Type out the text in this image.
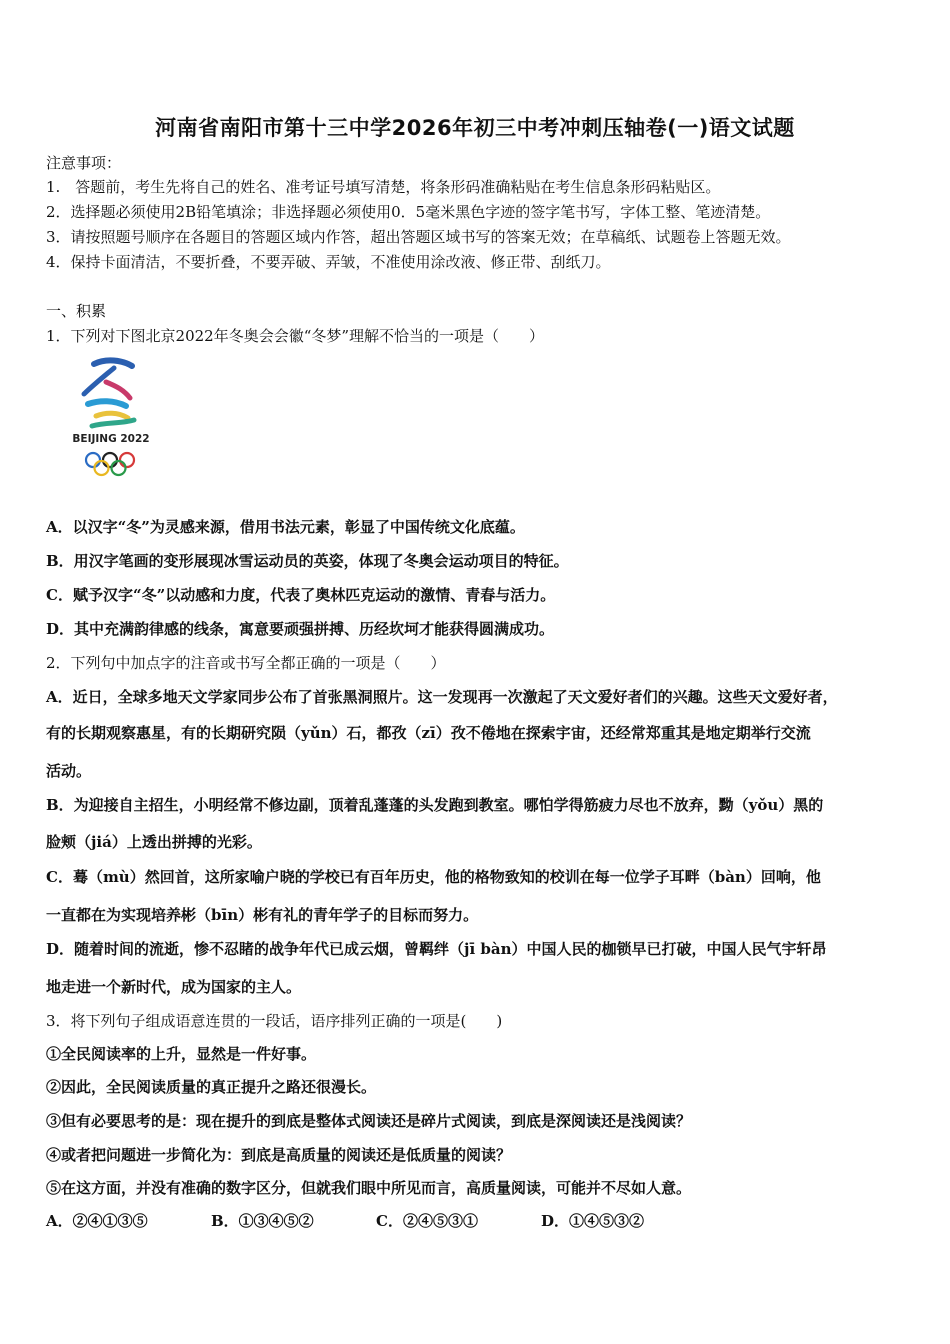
河南省南阳市第十三中学2026年初三中考冲刺压轴卷(一)语文试题
注意事项：
1.　答题前，考生先将自己的姓名、准考证号填写清楚，将条形码准确粘贴在考生信息条形码粘贴区。
2．选择题必须使用2B铅笔填涂；非选择题必须使用0．5毫米黑色字迹的签字笔书写，字体工整、笔迹清楚。
3．请按照题号顺序在各题目的答题区域内作答，超出答题区域书写的答案无效；在草稿纸、试题卷上答题无效。
4．保持卡面清洁，不要折叠，不要弄破、弄皱，不准使用涂改液、修正带、刮纸刀。
一、积累
1．下列对下图北京2022年冬奥会会徽“冬梦”理解不恰当的一项是（　　）
BEIJING 2022
A．以汉字“冬”为灵感来源，借用书法元素，彰显了中国传统文化底蕴。
B．用汉字笔画的变形展现冰雪运动员的英姿，体现了冬奥会运动项目的特征。
C．赋予汉字“冬”以动感和力度，代表了奥林匹克运动的激情、青春与活力。
D．其中充满韵律感的线条，寓意要顽强拼搏、历经坎坷才能获得圆满成功。
2．下列句中加点字的注音或书写全都正确的一项是（　　）
A．近日，全球多地天文学家同步公布了首张黑洞照片。这一发现再一次激起了天文爱好者们的兴趣。这些天文爱好者，
有的长期观察惠星，有的长期研究陨（yǔn）石，都孜（zī）孜不倦地在探索宇宙，还经常郑重其是地定期举行交流
活动。
B．为迎接自主招生，小明经常不修边副，顶着乱蓬蓬的头发跑到教室。哪怕学得筋疲力尽也不放弃，黝（yǒu）黑的
脸颊（jiá）上透出拼搏的光彩。
C．蓦（mù）然回首，这所家喻户晓的学校已有百年历史，他的格物致知的校训在每一位学子耳畔（bàn）回响，他
一直都在为实现培养彬（bīn）彬有礼的青年学子的目标而努力。
D．随着时间的流逝，惨不忍睹的战争年代已成云烟，曾羁绊（jī bàn）中国人民的枷锁早已打破，中国人民气宇轩昂
地走进一个新时代，成为国家的主人。
3．将下列句子组成语意连贯的一段话，语序排列正确的一项是(　　)
①全民阅读率的上升，显然是一件好事。
②因此，全民阅读质量的真正提升之路还很漫长。
③但有必要思考的是：现在提升的到底是整体式阅读还是碎片式阅读，到底是深阅读还是浅阅读？
④或者把问题进一步简化为：到底是高质量的阅读还是低质量的阅读？
⑤在这方面，并没有准确的数字区分，但就我们眼中所见而言，高质量阅读，可能并不尽如人意。
A．②④①③⑤	B．①③④⑤②	C．②④⑤③①	D．①④⑤③②
